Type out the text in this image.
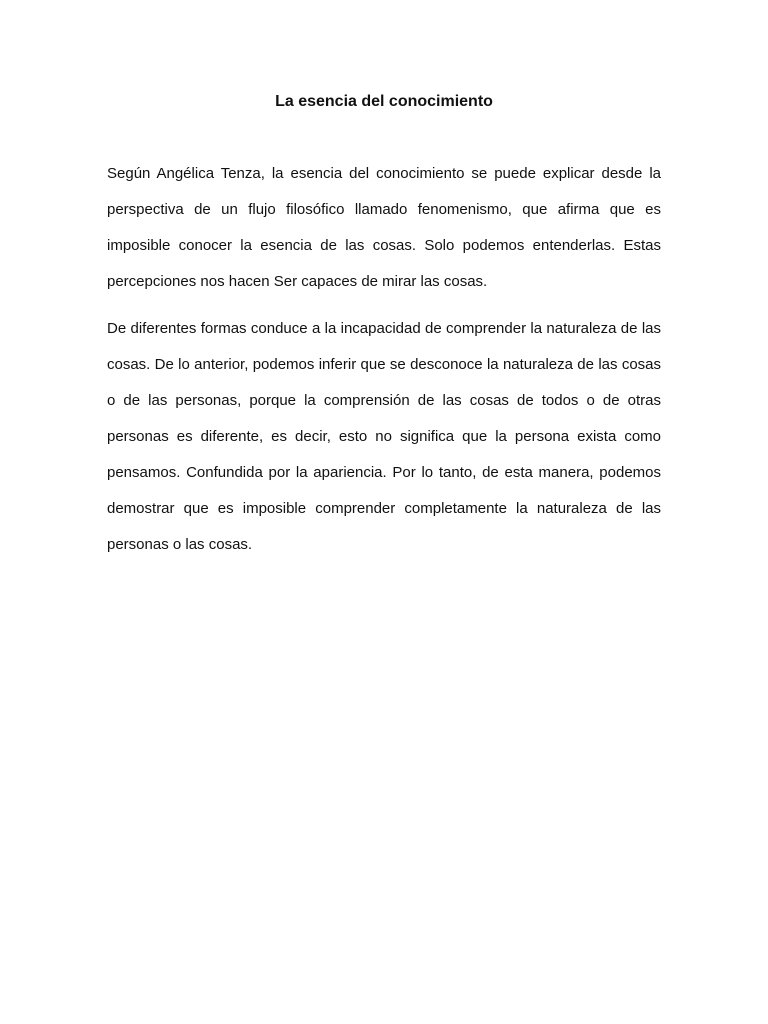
La esencia del conocimiento

Según Angélica Tenza, la esencia del conocimiento se puede explicar desde la perspectiva de un flujo filosófico llamado fenomenismo, que afirma que es imposible conocer la esencia de las cosas. Solo podemos entenderlas. Estas percepciones nos hacen Ser capaces de mirar las cosas.

De diferentes formas conduce a la incapacidad de comprender la naturaleza de las cosas. De lo anterior, podemos inferir que se desconoce la naturaleza de las cosas o de las personas, porque la comprensión de las cosas de todos o de otras personas es diferente, es decir, esto no significa que la persona exista como pensamos. Confundida por la apariencia. Por lo tanto, de esta manera, podemos demostrar que es imposible comprender completamente la naturaleza de las personas o las cosas.
